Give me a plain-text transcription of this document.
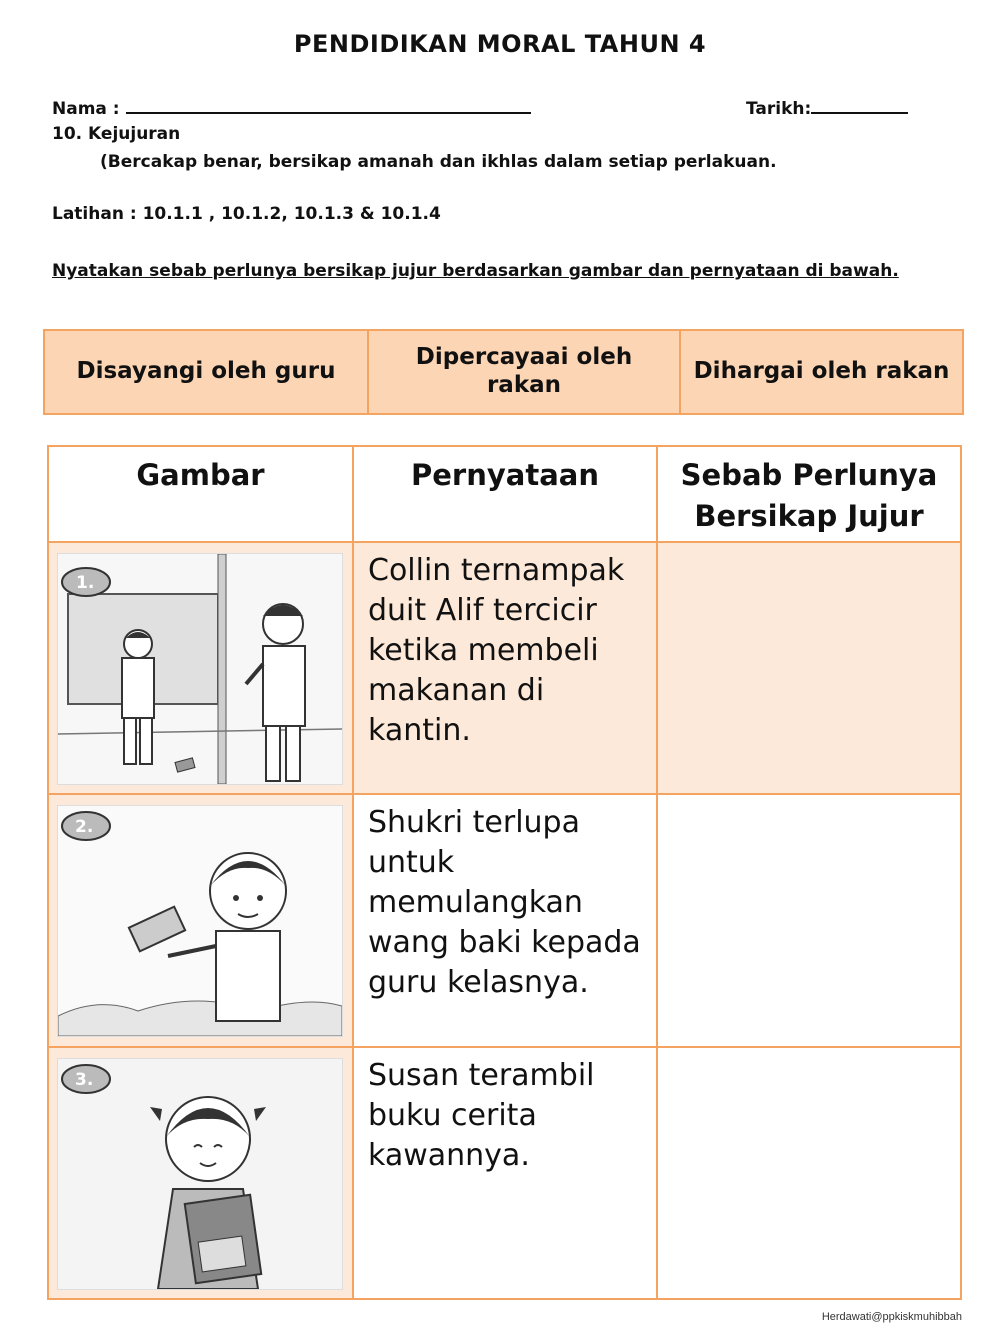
PENDIDIKAN MORAL TAHUN 4
Nama :	Tarikh:
10. Kejujuran
(Bercakap benar, bersikap amanah dan ikhlas dalam setiap perlakuan.
Latihan : 10.1.1 , 10.1.2, 10.1.3 & 10.1.4
Nyatakan sebab perlunya bersikap jujur berdasarkan gambar dan pernyataan di bawah.
Disayangi oleh guru
Dipercayaai oleh rakan
Dihargai oleh rakan
Gambar	Pernyataan	Sebab Perlunya Bersikap Jujur
1.	Collin ternampak duit Alif tercicir ketika membeli makanan di kantin.
2.	Shukri terlupa untuk memulangkan wang baki kepada guru kelasnya.
3.	Susan terambil buku cerita kawannya.
Herdawati@ppkiskmuhibbah
